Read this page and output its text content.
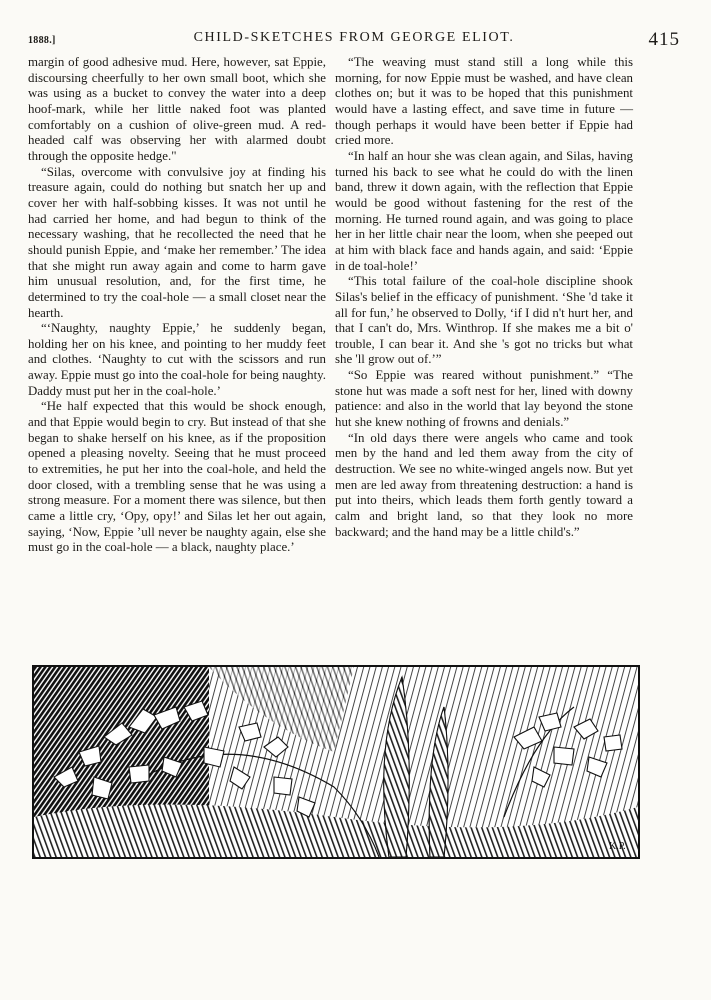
1888.]	CHILD-SKETCHES FROM GEORGE ELIOT.	415

margin of good adhesive mud. Here, however, sat Eppie, discoursing cheerfully to her own small boot, which she was using as a bucket to convey the water into a deep hoof-mark, while her little naked foot was planted comfortably on a cushion of olive-green mud. A red-headed calf was observing her with alarmed doubt through the opposite hedge."

“Silas, overcome with convulsive joy at finding his treasure again, could do nothing but snatch her up and cover her with half-sobbing kisses. It was not until he had carried her home, and had begun to think of the necessary washing, that he recollected the need that he should punish Eppie, and ‘make her remember.’ The idea that she might run away again and come to harm gave him unusual resolution, and, for the first time, he determined to try the coal-hole — a small closet near the hearth.

“‘Naughty, naughty Eppie,’ he suddenly began, holding her on his knee, and pointing to her muddy feet and clothes. ‘Naughty to cut with the scissors and run away. Eppie must go into the coal-hole for being naughty. Daddy must put her in the coal-hole.’

“He half expected that this would be shock enough, and that Eppie would begin to cry. But instead of that she began to shake herself on his knee, as if the proposition opened a pleasing novelty. Seeing that he must proceed to extremities, he put her into the coal-hole, and held the door closed, with a trembling sense that he was using a strong measure. For a moment there was silence, but then came a little cry, ‘Opy, opy!’ and Silas let her out again, saying, ‘Now, Eppie ’ull never be naughty again, else she must go in the coal-hole — a black, naughty place.’

“The weaving must stand still a long while this morning, for now Eppie must be washed, and have clean clothes on; but it was to be hoped that this punishment would have a lasting effect, and save time in future — though perhaps it would have been better if Eppie had cried more.

“In half an hour she was clean again, and Silas, having turned his back to see what he could do with the linen band, threw it down again, with the reflection that Eppie would be good without fastening for the rest of the morning. He turned round again, and was going to place her in her little chair near the loom, when she peeped out at him with black face and hands again, and said: ‘Eppie in de toal-hole!’

“This total failure of the coal-hole discipline shook Silas's belief in the efficacy of punishment. ‘She 'd take it all for fun,’ he observed to Dolly, ‘if I did n't hurt her, and that I can't do, Mrs. Winthrop. If she makes me a bit o' trouble, I can bear it. And she 's got no tricks but what she 'll grow out of.’”

“So Eppie was reared without punishment.” “The stone hut was made a soft nest for her, lined with downy patience: and also in the world that lay beyond the stone hut she knew nothing of frowns and denials.”

“In old days there were angels who came and took men by the hand and led them away from the city of destruction. We see no white-winged angels now. But yet men are led away from threatening destruction: a hand is put into theirs, which leads them forth gently toward a calm and bright land, so that they look no more backward; and the hand may be a little child's.”

K.P.
